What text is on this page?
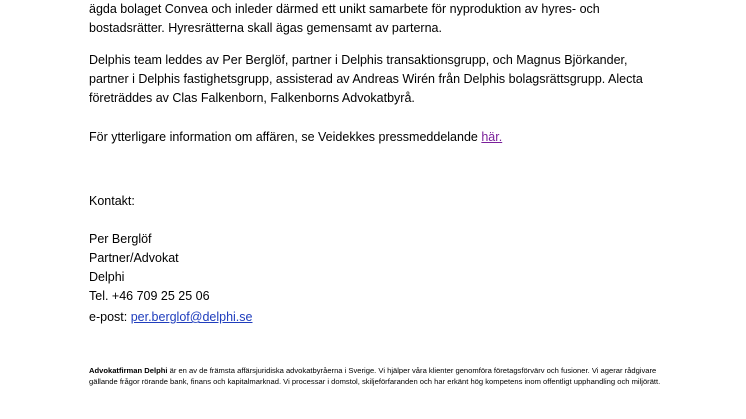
ägda bolaget Convea och inleder därmed ett unikt samarbete för nyproduktion av hyres- och

bostadsrätter. Hyresrätterna skall ägas gemensamt av parterna.

Delphis team leddes av Per Berglöf, partner i Delphis transaktionsgrupp, och Magnus Björkander,

partner i Delphis fastighetsgrupp, assisterad av Andreas Wirén från Delphis bolagsrättsgrupp. Alecta

företräddes av Clas Falkenborn, Falkenborns Advokatbyrå.

För ytterligare information om affären, se Veidekkes pressmeddelande här.

Kontakt:

Per Berglöf

Partner/Advokat

Delphi

Tel. +46 709 25 25 06

e-post: per.berglof@delphi.se

Advokatfirman Delphi är en av de främsta affärsjuridiska advokatbyråerna i Sverige. Vi hjälper våra klienter genomföra företagsförvärv och fusioner. Vi agerar rådgivare gällande frågor rörande bank, finans och kapitalmarknad. Vi processar i domstol, skiljeförfaranden och har erkänt hög kompetens inom offentligt upphandling och miljörätt.
